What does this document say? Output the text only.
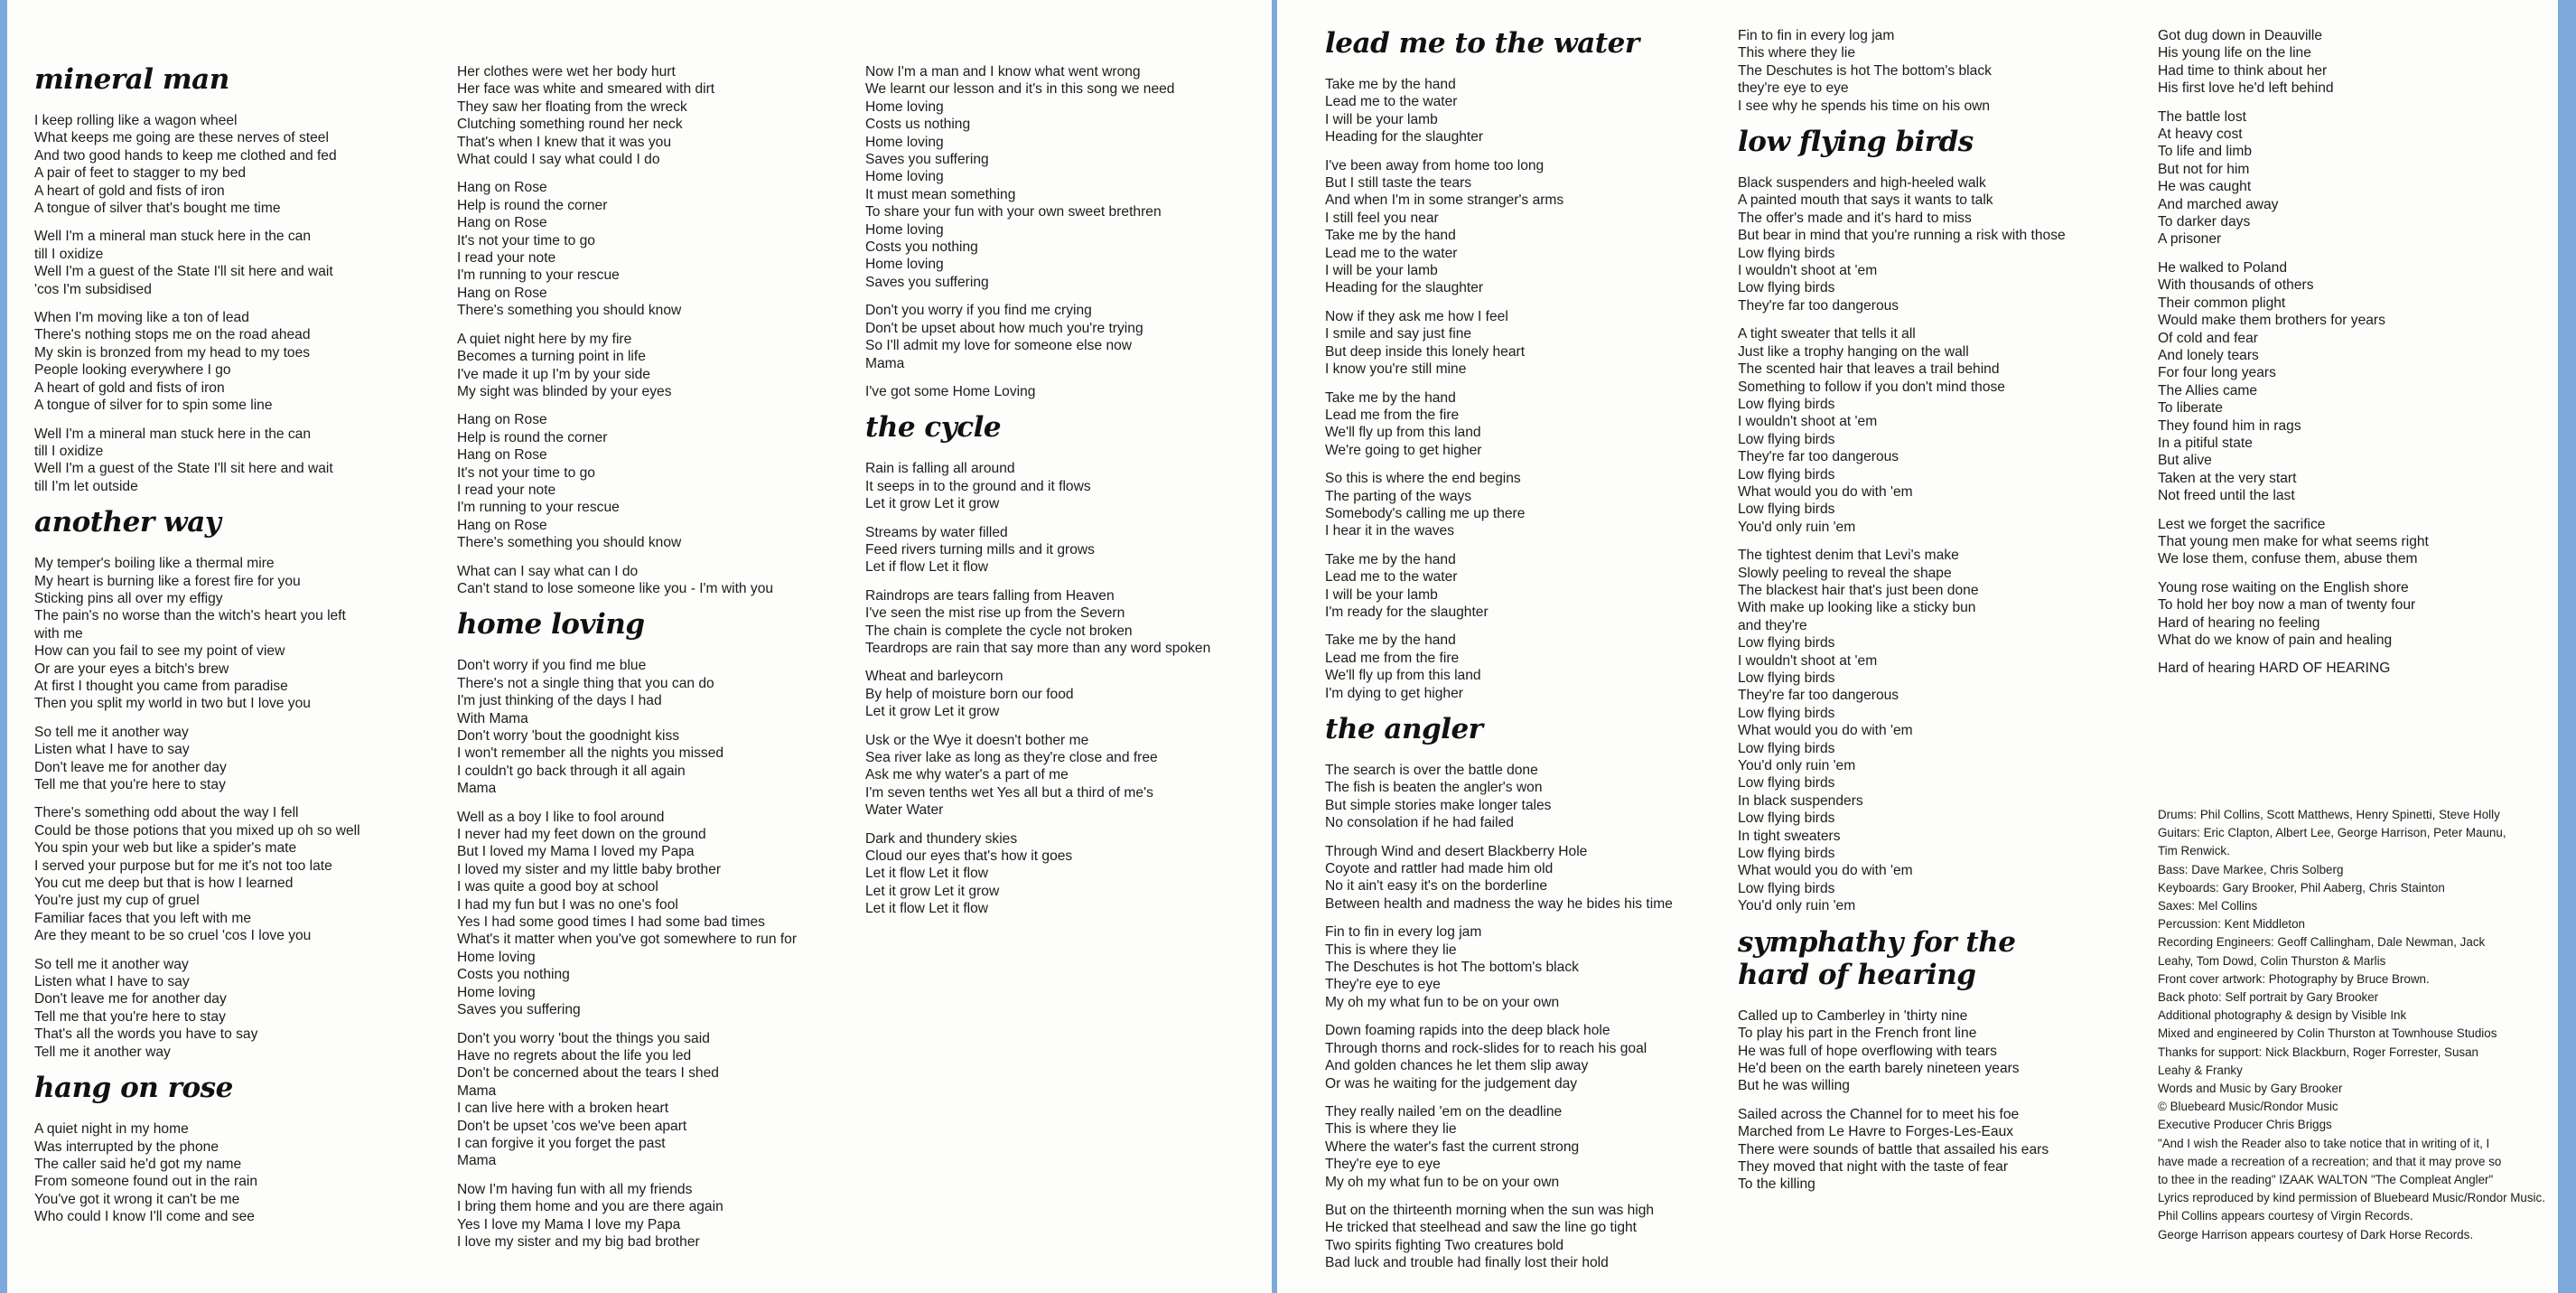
mineral man
I keep rolling like a wagon wheel
What keeps me going are these nerves of steel
And two good hands to keep me clothed and fed
A pair of feet to stagger to my bed
A heart of gold and fists of iron
A tongue of silver that's bought me time
Well I'm a mineral man stuck here in the can
till I oxidize
Well I'm a guest of the State I'll sit here and wait
'cos I'm subsidised
When I'm moving like a ton of lead
There's nothing stops me on the road ahead
My skin is bronzed from my head to my toes
People looking everywhere I go
A heart of gold and fists of iron
A tongue of silver for to spin some line
Well I'm a mineral man stuck here in the can
till I oxidize
Well I'm a guest of the State I'll sit here and wait
till I'm let outside
another way
My temper's boiling like a thermal mire
My heart is burning like a forest fire for you
Sticking pins all over my effigy
The pain's no worse than the witch's heart you left
with me
How can you fail to see my point of view
Or are your eyes a bitch's brew
At first I thought you came from paradise
Then you split my world in two but I love you
So tell me it another way
Listen what I have to say
Don't leave me for another day
Tell me that you're here to stay
There's something odd about the way I fell
Could be those potions that you mixed up oh so well
You spin your web but like a spider's mate
I served your purpose but for me it's not too late
You cut me deep but that is how I learned
You're just my cup of gruel
Familiar faces that you left with me
Are they meant to be so cruel 'cos I love you
So tell me it another way
Listen what I have to say
Don't leave me for another day
Tell me that you're here to stay
That's all the words you have to say
Tell me it another way
hang on rose
A quiet night in my home
Was interrupted by the phone
The caller said he'd got my name
From someone found out in the rain
You've got it wrong it can't be me
Who could I know I'll come and see
Her clothes were wet her body hurt
Her face was white and smeared with dirt
They saw her floating from the wreck
Clutching something round her neck
That's when I knew that it was you
What could I say what could I do
Hang on Rose
Help is round the corner
Hang on Rose
It's not your time to go
I read your note
I'm running to your rescue
Hang on Rose
There's something you should know
A quiet night here by my fire
Becomes a turning point in life
I've made it up I'm by your side
My sight was blinded by your eyes
Hang on Rose
Help is round the corner
Hang on Rose
It's not your time to go
I read your note
I'm running to your rescue
Hang on Rose
There's something you should know
What can I say what can I do
Can't stand to lose someone like you - I'm with you
home loving
Don't worry if you find me blue
There's not a single thing that you can do
I'm just thinking of the days I had
With Mama
Don't worry 'bout the goodnight kiss
I won't remember all the nights you missed
I couldn't go back through it all again
Mama
Well as a boy I like to fool around
I never had my feet down on the ground
But I loved my Mama I loved my Papa
I loved my sister and my little baby brother
I was quite a good boy at school
I had my fun but I was no one's fool
Yes I had some good times I had some bad times
What's it matter when you've got somewhere to run for
Home loving
Costs you nothing
Home loving
Saves you suffering
Don't you worry 'bout the things you said
Have no regrets about the life you led
Don't be concerned about the tears I shed
Mama
I can live here with a broken heart
Don't be upset 'cos we've been apart
I can forgive it you forget the past
Mama
Now I'm having fun with all my friends
I bring them home and you are there again
Yes I love my Mama I love my Papa
I love my sister and my big bad brother
Now I'm a man and I know what went wrong
We learnt our lesson and it's in this song we need
Home loving
Costs us nothing
Home loving
Saves you suffering
Home loving
It must mean something
To share your fun with your own sweet brethren
Home loving
Costs you nothing
Home loving
Saves you suffering
Don't you worry if you find me crying
Don't be upset about how much you're trying
So I'll admit my love for someone else now
Mama
I've got some Home Loving
the cycle
Rain is falling all around
It seeps in to the ground and it flows
Let it grow Let it grow
Streams by water filled
Feed rivers turning mills and it grows
Let if flow Let it flow
Raindrops are tears falling from Heaven
I've seen the mist rise up from the Severn
The chain is complete the cycle not broken
Teardrops are rain that say more than any word spoken
Wheat and barleycorn
By help of moisture born our food
Let it grow Let it grow
Usk or the Wye it doesn't bother me
Sea river lake as long as they're close and free
Ask me why water's a part of me
I'm seven tenths wet Yes all but a third of me's
Water Water
Dark and thundery skies
Cloud our eyes that's how it goes
Let it flow Let it flow
Let it grow Let it grow
Let it flow Let it flow
lead me to the water
Take me by the hand
Lead me to the water
I will be your lamb
Heading for the slaughter
I've been away from home too long
But I still taste the tears
And when I'm in some stranger's arms
I still feel you near
Take me by the hand
Lead me to the water
I will be your lamb
Heading for the slaughter
Now if they ask me how I feel
I smile and say just fine
But deep inside this lonely heart
I know you're still mine
Take me by the hand
Lead me from the fire
We'll fly up from this land
We're going to get higher
So this is where the end begins
The parting of the ways
Somebody's calling me up there
I hear it in the waves
Take me by the hand
Lead me to the water
I will be your lamb
I'm ready for the slaughter
Take me by the hand
Lead me from the fire
We'll fly up from this land
I'm dying to get higher
the angler
The search is over the battle done
The fish is beaten the angler's won
But simple stories make longer tales
No consolation if he had failed
Through Wind and desert Blackberry Hole
Coyote and rattler had made him old
No it ain't easy it's on the borderline
Between health and madness the way he bides his time
Fin to fin in every log jam
This is where they lie
The Deschutes is hot The bottom's black
They're eye to eye
My oh my what fun to be on your own
Down foaming rapids into the deep black hole
Through thorns and rock-slides for to reach his goal
And golden chances he let them slip away
Or was he waiting for the judgement day
They really nailed 'em on the deadline
This is where they lie
Where the water's fast the current strong
They're eye to eye
My oh my what fun to be on your own
But on the thirteenth morning when the sun was high
He tricked that steelhead and saw the line go tight
Two spirits fighting Two creatures bold
Bad luck and trouble had finally lost their hold
Fin to fin in every log jam
This where they lie
The Deschutes is hot The bottom's black
they're eye to eye
I see why he spends his time on his own
low flying birds
Black suspenders and high-heeled walk
A painted mouth that says it wants to talk
The offer's made and it's hard to miss
But bear in mind that you're running a risk with those
Low flying birds
I wouldn't shoot at 'em
Low flying birds
They're far too dangerous
A tight sweater that tells it all
Just like a trophy hanging on the wall
The scented hair that leaves a trail behind
Something to follow if you don't mind those
Low flying birds
I wouldn't shoot at 'em
Low flying birds
They're far too dangerous
Low flying birds
What would you do with 'em
Low flying birds
You'd only ruin 'em
The tightest denim that Levi's make
Slowly peeling to reveal the shape
The blackest hair that's just been done
With make up looking like a sticky bun
and they're
Low flying birds
I wouldn't shoot at 'em
Low flying birds
They're far too dangerous
Low flying birds
What would you do with 'em
Low flying birds
You'd only ruin 'em
Low flying birds
In black suspenders
Low flying birds
In tight sweaters
Low flying birds
What would you do with 'em
Low flying birds
You'd only ruin 'em
symphathy for the
hard of hearing
Called up to Camberley in 'thirty nine
To play his part in the French front line
He was full of hope overflowing with tears
He'd been on the earth barely nineteen years
But he was willing
Sailed across the Channel for to meet his foe
Marched from Le Havre to Forges-Les-Eaux
There were sounds of battle that assailed his ears
They moved that night with the taste of fear
To the killing
Got dug down in Deauville
His young life on the line
Had time to think about her
His first love he'd left behind
The battle lost
At heavy cost
To life and limb
But not for him
He was caught
And marched away
To darker days
A prisoner
He walked to Poland
With thousands of others
Their common plight
Would make them brothers for years
Of cold and fear
And lonely tears
For four long years
The Allies came
To liberate
They found him in rags
In a pitiful state
But alive
Taken at the very start
Not freed until the last
Lest we forget the sacrifice
That young men make for what seems right
We lose them, confuse them, abuse them
Young rose waiting on the English shore
To hold her boy now a man of twenty four
Hard of hearing no feeling
What do we know of pain and healing
Hard of hearing HARD OF HEARING
Drums: Phil Collins, Scott Matthews, Henry Spinetti, Steve Holly
Guitars: Eric Clapton, Albert Lee, George Harrison, Peter Maunu,
Tim Renwick.
Bass: Dave Markee, Chris Solberg
Keyboards: Gary Brooker, Phil Aaberg, Chris Stainton
Saxes: Mel Collins
Percussion: Kent Middleton
Recording Engineers: Geoff Callingham, Dale Newman, Jack
Leahy, Tom Dowd, Colin Thurston & Marlis
Front cover artwork: Photography by Bruce Brown.
Back photo: Self portrait by Gary Brooker
Additional photography & design by Visible Ink
Mixed and engineered by Colin Thurston at Townhouse Studios
Thanks for support: Nick Blackburn, Roger Forrester, Susan
Leahy & Franky
Words and Music by Gary Brooker
© Bluebeard Music/Rondor Music
Executive Producer Chris Briggs
"And I wish the Reader also to take notice that in writing of it, I
have made a recreation of a recreation; and that it may prove so
to thee in the reading" IZAAK WALTON "The Compleat Angler"
Lyrics reproduced by kind permission of Bluebeard Music/Rondor Music.
Phil Collins appears courtesy of Virgin Records.
George Harrison appears courtesy of Dark Horse Records.
